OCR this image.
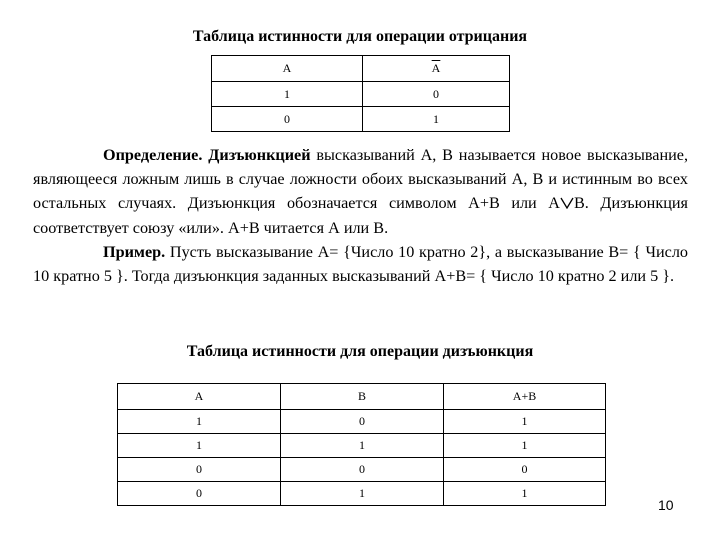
Таблица истинности для операции отрицания
A	$\overline{A}$
1	0
0	1

Определение. Дизъюнкцией высказываний А, В называется новое высказывание, являющееся ложным лишь в случае ложности обоих высказываний А, В и истинным во всех остальных случаях. Дизъюнкция обозначается символом А+В или А В. Дизъюнкция соответствует союзу «или». А+В читается А или В.

Пример. Пусть высказывание А= {Число 10 кратно 2}, а высказывание В= { Число 10 кратно 5 }. Тогда дизъюнкция заданных высказываний А+В= { Число 10 кратно 2 или 5 }.

Таблица истинности для операции дизъюнкция
A	B	A+B
1	0	1
1	1	1
0	0	0
0	1	1
10
